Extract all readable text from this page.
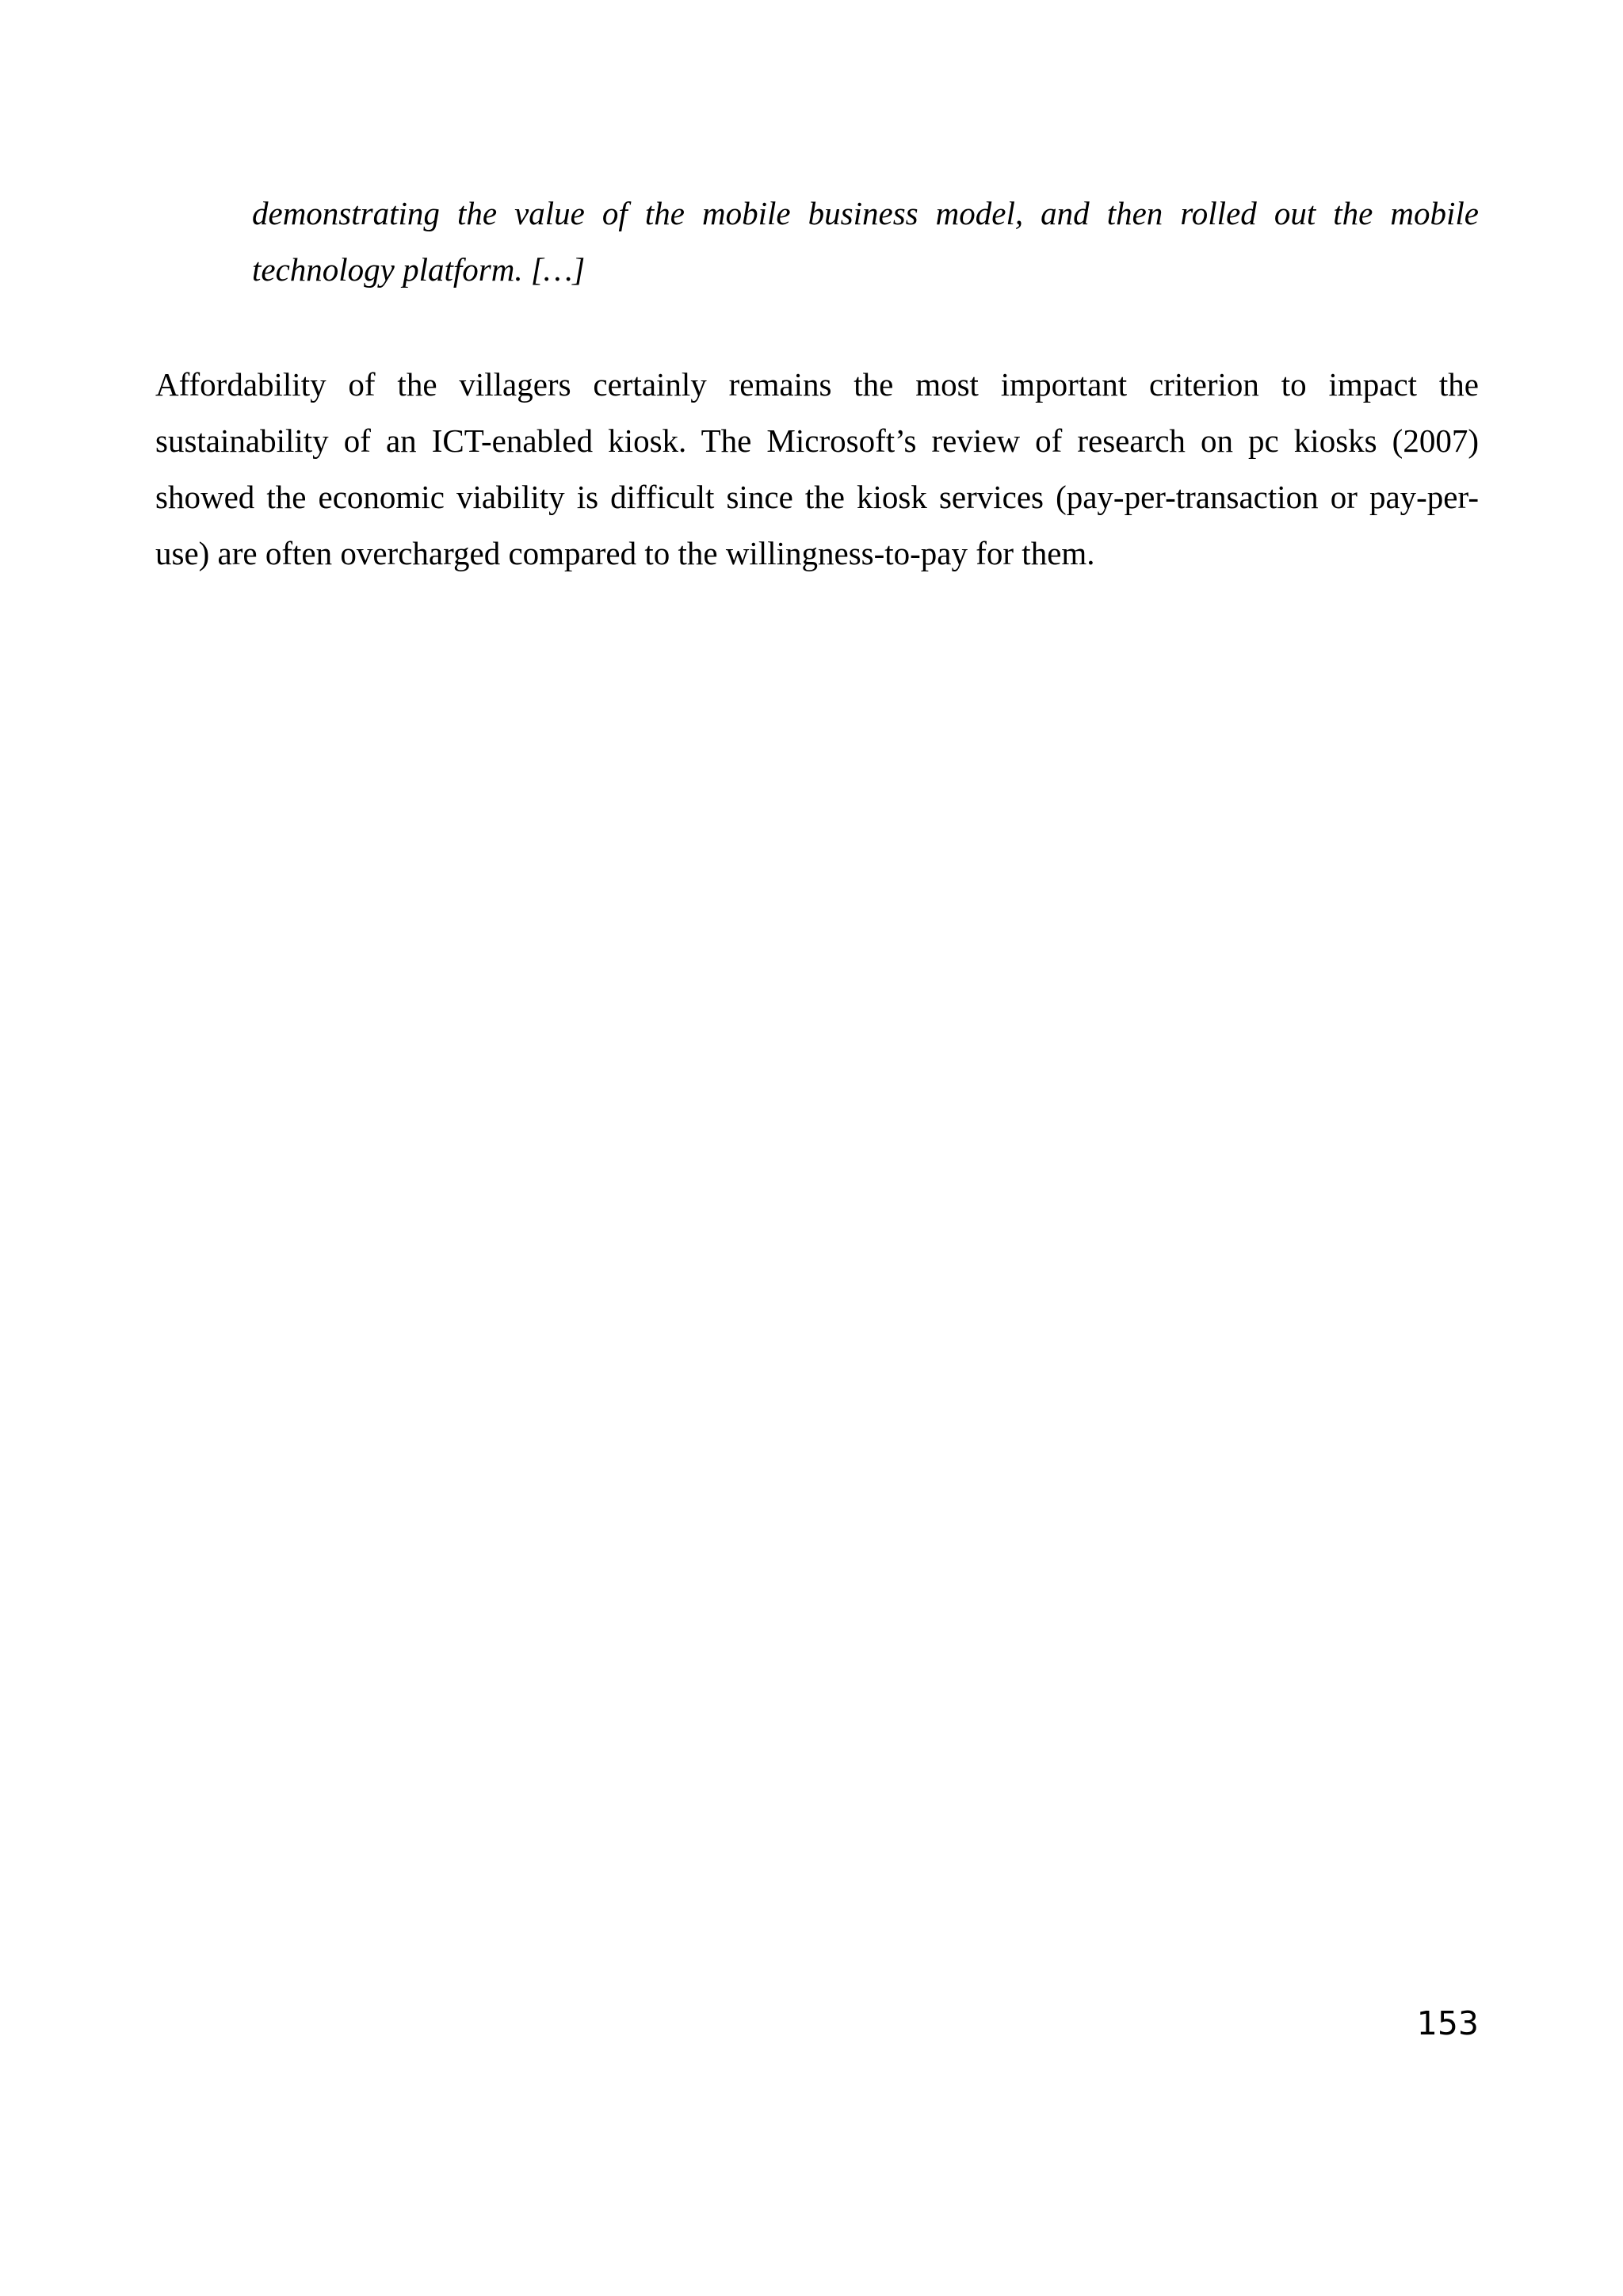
demonstrating the value of the mobile business model, and then rolled out the mobile technology platform. […]

Affordability of the villagers certainly remains the most important criterion to impact the sustainability of an ICT-enabled kiosk. The Microsoft’s review of research on pc kiosks (2007) showed the economic viability is difficult since the kiosk services (pay-per-transaction or pay-per-use) are often overcharged compared to the willingness-to-pay for them.

153
